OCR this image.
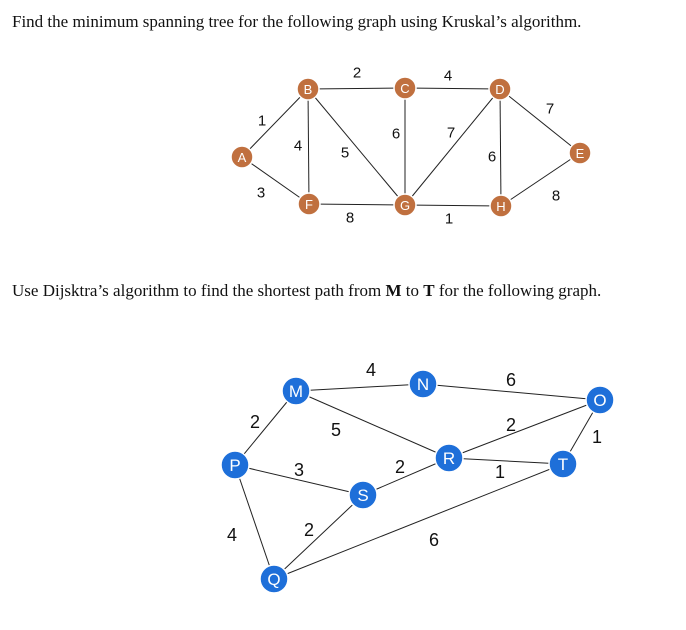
Find the minimum spanning tree for the following graph using Kruskal’s algorithm.

Use Dijsktra’s algorithm to find the shortest path from M to T for the following graph.

1
3
2
4	5
4
6	7
6
7
8	1
8
A
B	C	D
E
F	G	H
2
3
4
4
5
6
2
2
2
1
1
6
M	N
O
P
Q
R
S
T
